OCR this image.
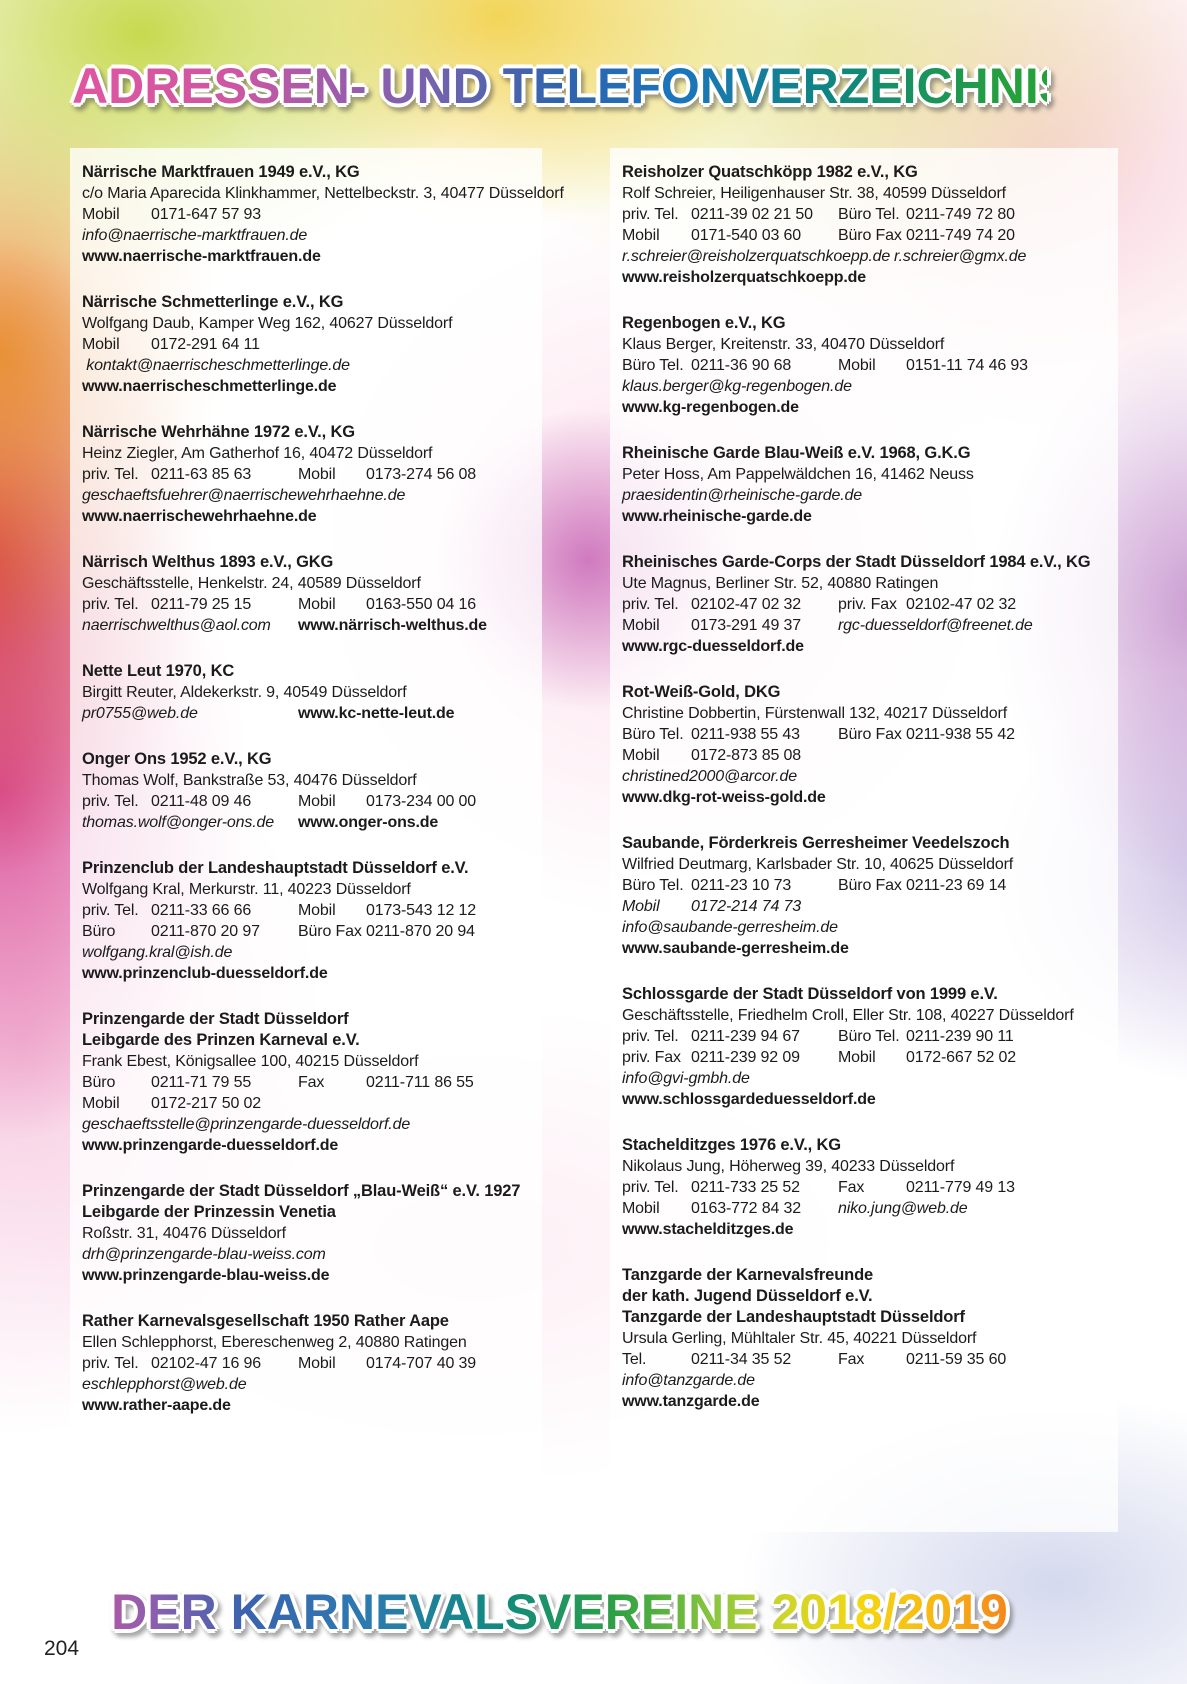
ADRESSEN- UND TELEFONVERZEICHNIS
Närrische Marktfrauen 1949 e.V., KG
c/o Maria Aparecida Klinkhammer, Nettelbeckstr. 3, 40477 Düsseldorf
Mobil 0171-647 57 93
info@naerrische-marktfrauen.de
www.naerrische-marktfrauen.de
Närrische Schmetterlinge e.V., KG
Wolfgang Daub, Kamper Weg 162, 40627 Düsseldorf
Mobil 0172-291 64 11
kontakt@naerrischeschmetterlinge.de
www.naerrischeschmetterlinge.de
Närrische Wehrhähne 1972 e.V., KG
Heinz Ziegler, Am Gatherhof 16, 40472 Düsseldorf
priv. Tel. 0211-63 85 63	Mobil 0173-274 56 08
geschaeftsfuehrer@naerrischewehrhaehne.de
www.naerrischewehrhaehne.de
Närrisch Welthus 1893 e.V., GKG
Geschäftsstelle, Henkelstr. 24, 40589 Düsseldorf
priv. Tel. 0211-79 25 15	Mobil 0163-550 04 16
naerrischwelthus@aol.com www.närrisch-welthus.de
Nette Leut 1970, KC
Birgitt Reuter, Aldekerkstr. 9, 40549 Düsseldorf
pr0755@web.de	www.kc-nette-leut.de
Onger Ons 1952 e.V., KG
Thomas Wolf, Bankstraße 53, 40476 Düsseldorf
priv. Tel. 0211-48 09 46	Mobil 0173-234 00 00
thomas.wolf@onger-ons.de www.onger-ons.de
Prinzenclub der Landeshauptstadt Düsseldorf e.V.
Wolfgang Kral, Merkurstr. 11, 40223 Düsseldorf
priv. Tel. 0211-33 66 66	Mobil 0173-543 12 12
Büro 0211-870 20 97 Büro Fax 0211-870 20 94
wolfgang.kral@ish.de
www.prinzenclub-duesseldorf.de
Prinzengarde der Stadt Düsseldorf
Leibgarde des Prinzen Karneval e.V.
Frank Ebest, Königsallee 100, 40215 Düsseldorf
Büro 0211-71 79 55	Fax	0211-711 86 55
Mobil 0172-217 50 02
geschaeftsstelle@prinzengarde-duesseldorf.de
www.prinzengarde-duesseldorf.de
Prinzengarde der Stadt Düsseldorf „Blau-Weiß“ e.V. 1927
Leibgarde der Prinzessin Venetia
Roßstr. 31, 40476 Düsseldorf
drh@prinzengarde-blau-weiss.com
www.prinzengarde-blau-weiss.de
Rather Karnevalsgesellschaft 1950 Rather Aape
Ellen Schlepphorst, Ebereschenweg 2, 40880 Ratingen
priv. Tel. 02102-47 16 96 Mobil 0174-707 40 39
eschlepphorst@web.de
www.rather-aape.de
Reisholzer Quatschköpp 1982 e.V., KG
Rolf Schreier, Heiligenhauser Str. 38, 40599 Düsseldorf
priv. Tel. 0211-39 02 21 50 Büro Tel. 0211-749 72 80
Mobil 0171-540 03 60 Büro Fax 0211-749 74 20
r.schreier@reisholzerquatschkoepp.de r.schreier@gmx.de
www.reisholzerquatschkoepp.de
Regenbogen e.V., KG
Klaus Berger, Kreitenstr. 33, 40470 Düsseldorf
Büro Tel. 0211-36 90 68	Mobil 0151-11 74 46 93
klaus.berger@kg-regenbogen.de
www.kg-regenbogen.de
Rheinische Garde Blau-Weiß e.V. 1968, G.K.G
Peter Hoss, Am Pappelwäldchen 16, 41462 Neuss
praesidentin@rheinische-garde.de
www.rheinische-garde.de
Rheinisches Garde-Corps der Stadt Düsseldorf 1984 e.V., KG
Ute Magnus, Berliner Str. 52, 40880 Ratingen
priv. Tel. 02102-47 02 32 priv. Fax 02102-47 02 32
Mobil 0173-291 49 37 rgc-duesseldorf@freenet.de
www.rgc-duesseldorf.de
Rot-Weiß-Gold, DKG
Christine Dobbertin, Fürstenwall 132, 40217 Düsseldorf
Büro Tel. 0211-938 55 43 Büro Fax 0211-938 55 42
Mobil 0172-873 85 08
christined2000@arcor.de
www.dkg-rot-weiss-gold.de
Saubande, Förderkreis Gerresheimer Veedelszoch
Wilfried Deutmarg, Karlsbader Str. 10, 40625 Düsseldorf
Büro Tel. 0211-23 10 73	Büro Fax 0211-23 69 14
Mobil 0172-214 74 73
info@saubande-gerresheim.de
www.saubande-gerresheim.de
Schlossgarde der Stadt Düsseldorf von 1999 e.V.
Geschäftsstelle, Friedhelm Croll, Eller Str. 108, 40227 Düsseldorf
priv. Tel. 0211-239 94 67 Büro Tel. 0211-239 90 11
priv. Fax 0211-239 92 09 Mobil 0172-667 52 02
info@gvi-gmbh.de
www.schlossgardeduesseldorf.de
Stachelditzges 1976 e.V., KG
Nikolaus Jung, Höherweg 39, 40233 Düsseldorf
priv. Tel. 0211-733 25 52 Fax	0211-779 49 13
Mobil 0163-772 84 32 niko.jung@web.de
www.stachelditzges.de
Tanzgarde der Karnevalsfreunde
der kath. Jugend Düsseldorf e.V.
Tanzgarde der Landeshauptstadt Düsseldorf
Ursula Gerling, Mühltaler Str. 45, 40221 Düsseldorf
Tel.	0211-34 35 52	Fax	0211-59 35 60
info@tanzgarde.de
www.tanzgarde.de
DER KARNEVALSVEREINE 2018/2019
204
